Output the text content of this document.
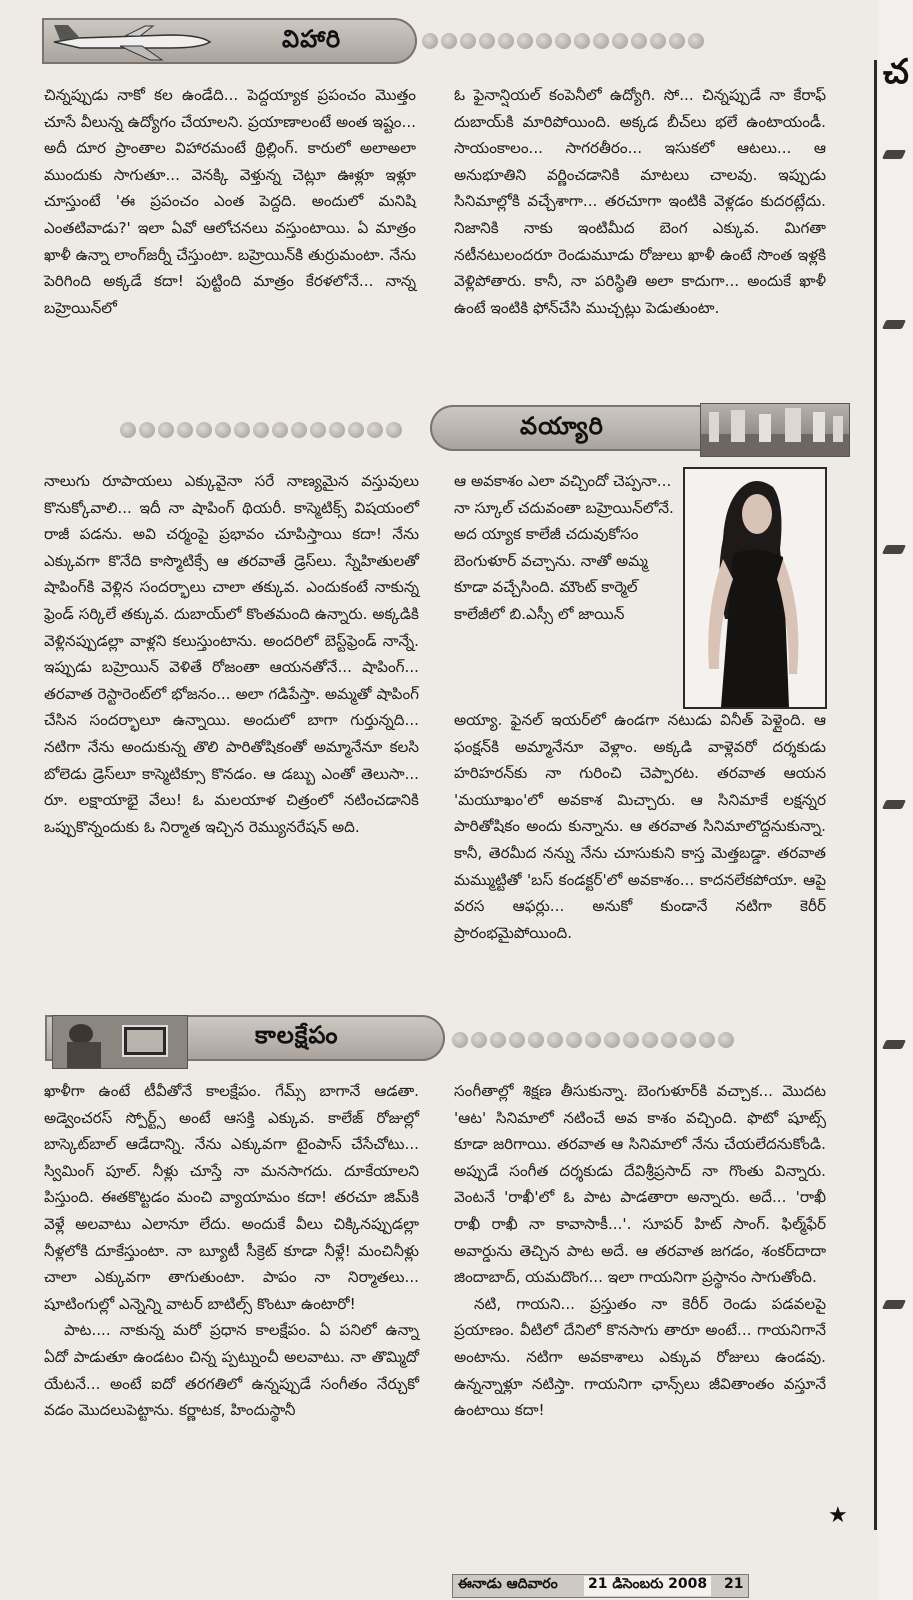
చ
విహారి

చిన్నప్పుడు నాకో కల ఉండేది... పెద్దయ్యాక ప్రపంచం మొత్తం చూసే వీలున్న ఉద్యోగం చేయాలని. ప్రయాణాలంటే అంత ఇష్టం... అదీ దూర ప్రాంతాల విహారమంటే థ్రిల్లింగ్. కారులో అలాఅలా ముందుకు సాగుతూ... వెనక్కి వెళ్తున్న చెట్లూ ఊళ్లూ ఇళ్లూ చూస్తుంటే 'ఈ ప్రపంచం ఎంత పెద్దది. అందులో మనిషి ఎంతటివాడు?' ఇలా ఏవో ఆలోచనలు వస్తుంటాయి. ఏ మాత్రం ఖాళీ ఉన్నా లాంగ్‌జర్నీ చేస్తుంటా. బహ్రెయిన్‌కి తుర్రుమంటా. నేను పెరిగింది అక్కడే కదా! పుట్టింది మాత్రం కేరళలోనే... నాన్న బహ్రెయిన్‌లో

ఓ ఫైనాన్షియల్ కంపెనీలో ఉద్యోగి. సో... చిన్నప్పుడే నా కేరాఫ్ దుబాయ్‌కి మారిపోయింది. అక్కడ బీచ్‌లు భలే ఉంటాయండీ. సాయంకాలం... సాగరతీరం... ఇసుకలో ఆటలు... ఆ అనుభూతిని వర్ణించడానికి మాటలు చాలవు. ఇప్పుడు సినిమాల్లోకి వచ్చేశాగా... తరచూగా ఇంటికి వెళ్లడం కుదరట్లేదు. నిజానికి నాకు ఇంటిమీద బెంగ ఎక్కువ. మిగతా నటీనటులందరూ రెండుమూడు రోజులు ఖాళీ ఉంటే సొంత ఇళ్లకి వెళ్లిపోతారు. కానీ, నా పరిస్థితి అలా కాదుగా... అందుకే ఖాళీ ఉంటే ఇంటికి ఫోన్‌చేసి ముచ్చట్లు పెడుతుంటా.

వయ్యారి

నాలుగు రూపాయలు ఎక్కువైనా సరే నాణ్యమైన వస్తువులు కొనుక్కోవాలి... ఇదీ నా షాపింగ్ థియరీ. కాస్మెటిక్స్ విషయంలో రాజీ పడను. అవి చర్మంపై ప్రభావం చూపిస్తాయి కదా! నేను ఎక్కువగా కొనేది కాస్మొటిక్సే ఆ తరవాతే డ్రెస్‌లు. స్నేహితులతో షాపింగ్‌కి వెళ్లిన సందర్భాలు చాలా తక్కువ. ఎందుకంటే నాకున్న ఫ్రెండ్ సర్కిలే తక్కువ. దుబాయ్‌లో కొంతమంది ఉన్నారు. అక్కడికి వెళ్లినప్పుడల్లా వాళ్లని కలుస్తుంటాను. అందరిలో బెస్ట్‌ఫ్రెండ్ నాన్నే. ఇప్పుడు బహ్రెయిన్ వెళితే రోజంతా ఆయనతోనే... షాపింగ్... తరవాత రెస్టారెంట్‌లో భోజనం... అలా గడిపేస్తా. అమ్మతో షాపింగ్ చేసిన సందర్భాలూ ఉన్నాయి. అందులో బాగా గుర్తున్నది... నటిగా నేను అందుకున్న తొలి పారితోషికంతో అమ్మానేనూ కలసి బోలెడు డ్రెస్‌లూ కాస్మెటిక్సూ కొనడం. ఆ డబ్బు ఎంతో తెలుసా... రూ. లక్షాయాభై వేలు! ఓ మలయాళ చిత్రంలో నటించడానికి ఒప్పుకొన్నందుకు ఓ నిర్మాత ఇచ్చిన రెమ్యునరేషన్ అది.

ఆ అవకాశం ఎలా వచ్చిందో చెప్పనా... నా స్కూల్ చదువంతా బహ్రెయిన్‌లోనే. అద య్యాక కాలేజీ చదువుకోసం బెంగుళూర్ వచ్చాను. నాతో అమ్మ కూడా వచ్చేసింది. మౌంట్ కార్మెల్ కాలేజీలో బి.ఎస్సీ లో జాయిన్

అయ్యా. ఫైనల్ ఇయర్‌లో ఉండగా నటుడు వినీత్ పెళ్లైంది. ఆ ఫంక్షన్‌కి అమ్మానేనూ వెళ్లాం. అక్కడి వాళ్లెవరో దర్శకుడు హరిహరన్‌కు నా గురించి చెప్పారట. తరవాత ఆయన 'మయూఖం'లో అవకాశ మిచ్చారు. ఆ సినిమాకే లక్షన్నర పారితోషికం అందు కున్నాను. ఆ తరవాత సినిమాలొద్దనుకున్నా. కానీ, తెరమీద నన్ను నేను చూసుకుని కాస్త మెత్తబడ్డా. తరవాత మమ్ముట్టితో 'బస్ కండక్టర్'లో అవకాశం... కాదనలేకపోయా. ఆపై వరస ఆఫర్లు... అనుకో కుండానే నటిగా కెరీర్ ప్రారంభమైపోయింది.

కాలక్షేపం

ఖాళీగా ఉంటే టీవీతోనే కాలక్షేపం. గేమ్స్ బాగానే ఆడతా. అడ్వెంచరస్ స్పోర్ట్స్ అంటే ఆసక్తి ఎక్కువ. కాలేజ్ రోజుల్లో బాస్కెట్‌బాల్ ఆడేదాన్ని. నేను ఎక్కువగా టైంపాస్ చేసేచోటు... స్విమింగ్ పూల్. నీళ్లు చూస్తే నా మనసాగదు. దూకేయాలని పిస్తుంది. ఈతకొట్టడం మంచి వ్యాయామం కదా! తరచూ జిమ్‌కి వెళ్లే అలవాటు ఎలానూ లేదు. అందుకే వీలు చిక్కినప్పుడల్లా నీళ్లలోకి దూకేస్తుంటా. నా బ్యూటీ సీక్రెట్ కూడా నీళ్లే! మంచినీళ్లు చాలా ఎక్కువగా తాగుతుంటా. పాపం నా నిర్మాతలు... షూటింగుల్లో ఎన్నెన్ని వాటర్ బాటిల్స్ కొంటూ ఉంటారో!

పాట.... నాకున్న మరో ప్రధాన కాలక్షేపం. ఏ పనిలో ఉన్నా ఏదో పాడుతూ ఉండటం చిన్న ప్పట్నుంచీ అలవాటు. నా తొమ్మిదో యేటనే... అంటే ఐదో తరగతిలో ఉన్నప్పుడే సంగీతం నేర్చుకో వడం మొదలుపెట్టాను. కర్ణాటక, హిందుస్థానీ

సంగీతాల్లో శిక్షణ తీసుకున్నా. బెంగుళూర్‌కి వచ్చాక... మొదట 'ఆట' సినిమాలో నటించే అవ కాశం వచ్చింది. ఫొటో షూట్స్ కూడా జరిగాయి. తరవాత ఆ సినిమాలో నేను చేయలేదనుకోండి. అప్పుడే సంగీత దర్శకుడు దేవిశ్రీప్రసాద్ నా గొంతు విన్నారు. వెంటనే 'రాఖీ'లో ఓ పాట పాడతారా అన్నారు. అదే... 'రాఖీ రాఖీ రాఖీ నా కావాసాకీ...'. సూపర్ హిట్ సాంగ్. ఫిల్మ్‌ఫేర్ అవార్డును తెచ్చిన పాట అదే. ఆ తరవాత జగడం, శంకర్‌దాదా జిందాబాద్, యమదొంగ... ఇలా గాయనిగా ప్రస్థానం సాగుతోంది.

నటి, గాయని... ప్రస్తుతం నా కెరీర్ రెండు పడవలపై ప్రయాణం. వీటిలో దేనిలో కొనసాగు తారూ అంటే... గాయనిగానే అంటాను. నటిగా అవకాశాలు ఎక్కువ రోజులు ఉండవు. ఉన్నన్నాళ్లూ నటిస్తా. గాయనిగా ఛాన్స్‌లు జీవితాంతం వస్తూనే ఉంటాయి కదా!

★
ఈనాడు ఆదివారం 21 డిసెంబరు 2008 21
